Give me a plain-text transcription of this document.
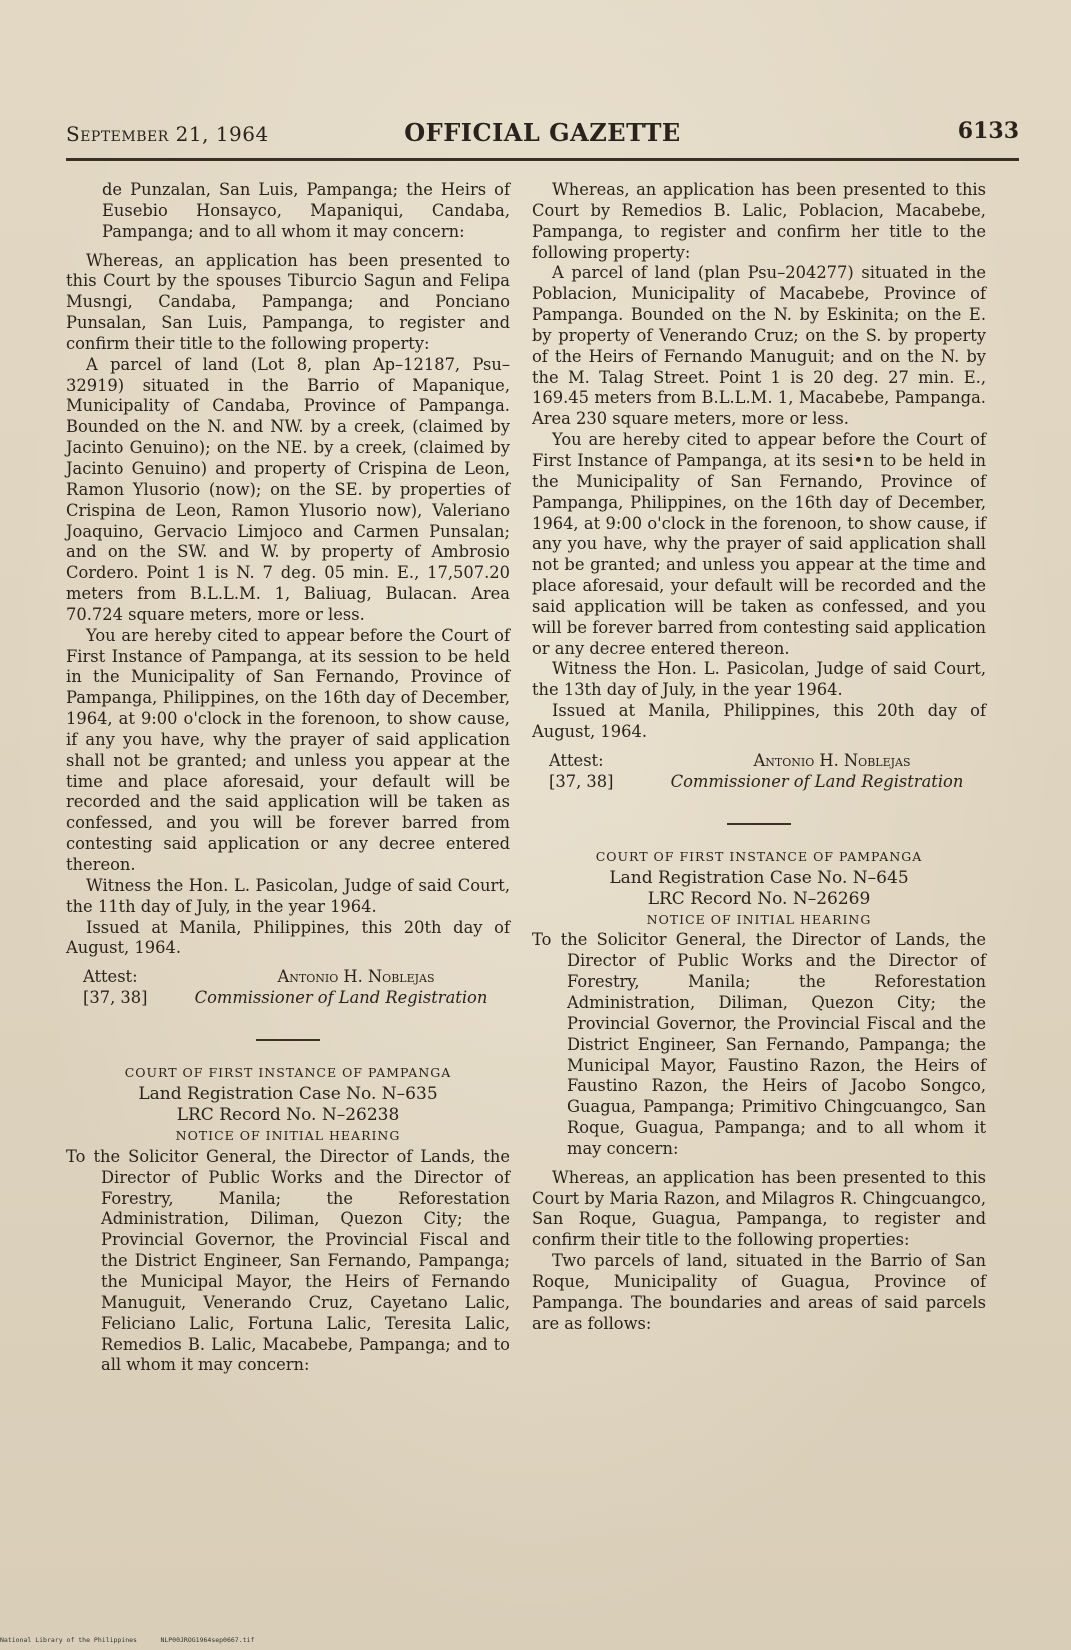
September 21, 1964	OFFICIAL GAZETTE	6133

de Punzalan, San Luis, Pampanga; the Heirs of Eusebio Honsayco, Mapaniqui, Candaba, Pampanga; and to all whom it may concern:

Whereas, an application has been presented to this Court by the spouses Tiburcio Sagun and Felipa Musngi, Candaba, Pampanga; and Ponciano Punsalan, San Luis, Pampanga, to register and confirm their title to the following property:

A parcel of land (Lot 8, plan Ap–12187, Psu–32919) situated in the Barrio of Mapanique, Municipality of Candaba, Province of Pampanga. Bounded on the N. and NW. by a creek, (claimed by Jacinto Genuino); on the NE. by a creek, (claimed by Jacinto Genuino) and property of Crispina de Leon, Ramon Ylusorio (now); on the SE. by properties of Crispina de Leon, Ramon Ylusorio now), Valeriano Joaquino, Gervacio Limjoco and Carmen Punsalan; and on the SW. and W. by property of Ambrosio Cordero. Point 1 is N. 7 deg. 05 min. E., 17,507.20 meters from B.L.L.M. 1, Baliuag, Bulacan. Area 70.724 square meters, more or less.

You are hereby cited to appear before the Court of First Instance of Pampanga, at its session to be held in the Municipality of San Fernando, Province of Pampanga, Philippines, on the 16th day of December, 1964, at 9:00 o'clock in the forenoon, to show cause, if any you have, why the prayer of said application shall not be granted; and unless you appear at the time and place aforesaid, your default will be recorded and the said application will be taken as confessed, and you will be forever barred from contesting said application or any decree entered thereon.

Witness the Hon. L. Pasicolan, Judge of said Court, the 11th day of July, in the year 1964.

Issued at Manila, Philippines, this 20th day of August, 1964.

Attest:
[37, 38]
Antonio H. Noblejas
Commissioner of Land Registration

COURT OF FIRST INSTANCE OF PAMPANGA

Land Registration Case No. N–635

LRC Record No. N–26238

NOTICE OF INITIAL HEARING

To the Solicitor General, the Director of Lands, the Director of Public Works and the Director of Forestry, Manila; the Reforestation Administration, Diliman, Quezon City; the Provincial Governor, the Provincial Fiscal and the District Engineer, San Fernando, Pampanga; the Municipal Mayor, the Heirs of Fernando Manuguit, Venerando Cruz, Cayetano Lalic, Feliciano Lalic, Fortuna Lalic, Teresita Lalic, Remedios B. Lalic, Macabebe, Pampanga; and to all whom it may concern:

Whereas, an application has been presented to this Court by Remedios B. Lalic, Poblacion, Macabebe, Pampanga, to register and confirm her title to the following property:

A parcel of land (plan Psu–204277) situated in the Poblacion, Municipality of Macabebe, Province of Pampanga. Bounded on the N. by Eskinita; on the E. by property of Venerando Cruz; on the S. by property of the Heirs of Fernando Manuguit; and on the N. by the M. Talag Street. Point 1 is 20 deg. 27 min. E., 169.45 meters from B.L.L.M. 1, Macabebe, Pampanga. Area 230 square meters, more or less.

You are hereby cited to appear before the Court of First Instance of Pampanga, at its sesi•n to be held in the Municipality of San Fernando, Province of Pampanga, Philippines, on the 16th day of December, 1964, at 9:00 o'clock in the forenoon, to show cause, if any you have, why the prayer of said application shall not be granted; and unless you appear at the time and place aforesaid, your default will be recorded and the said application will be taken as confessed, and you will be forever barred from contesting said application or any decree entered thereon.

Witness the Hon. L. Pasicolan, Judge of said Court, the 13th day of July, in the year 1964.

Issued at Manila, Philippines, this 20th day of August, 1964.

Attest:
[37, 38]
Antonio H. Noblejas
Commissioner of Land Registration

COURT OF FIRST INSTANCE OF PAMPANGA

Land Registration Case No. N–645

LRC Record No. N–26269

NOTICE OF INITIAL HEARING

To the Solicitor General, the Director of Lands, the Director of Public Works and the Director of Forestry, Manila; the Reforestation Administration, Diliman, Quezon City; the Provincial Governor, the Provincial Fiscal and the District Engineer, San Fernando, Pampanga; the Municipal Mayor, Faustino Razon, the Heirs of Faustino Razon, the Heirs of Jacobo Songco, Guagua, Pampanga; Primitivo Chingcuangco, San Roque, Guagua, Pampanga; and to all whom it may concern:

Whereas, an application has been presented to this Court by Maria Razon, and Milagros R. Chingcuangco, San Roque, Guagua, Pampanga, to register and confirm their title to the following properties:

Two parcels of land, situated in the Barrio of San Roque, Municipality of Guagua, Province of Pampanga. The boundaries and areas of said parcels are as follows:

National Library of the Philippines      NLP00JROG1964sep0667.tif
